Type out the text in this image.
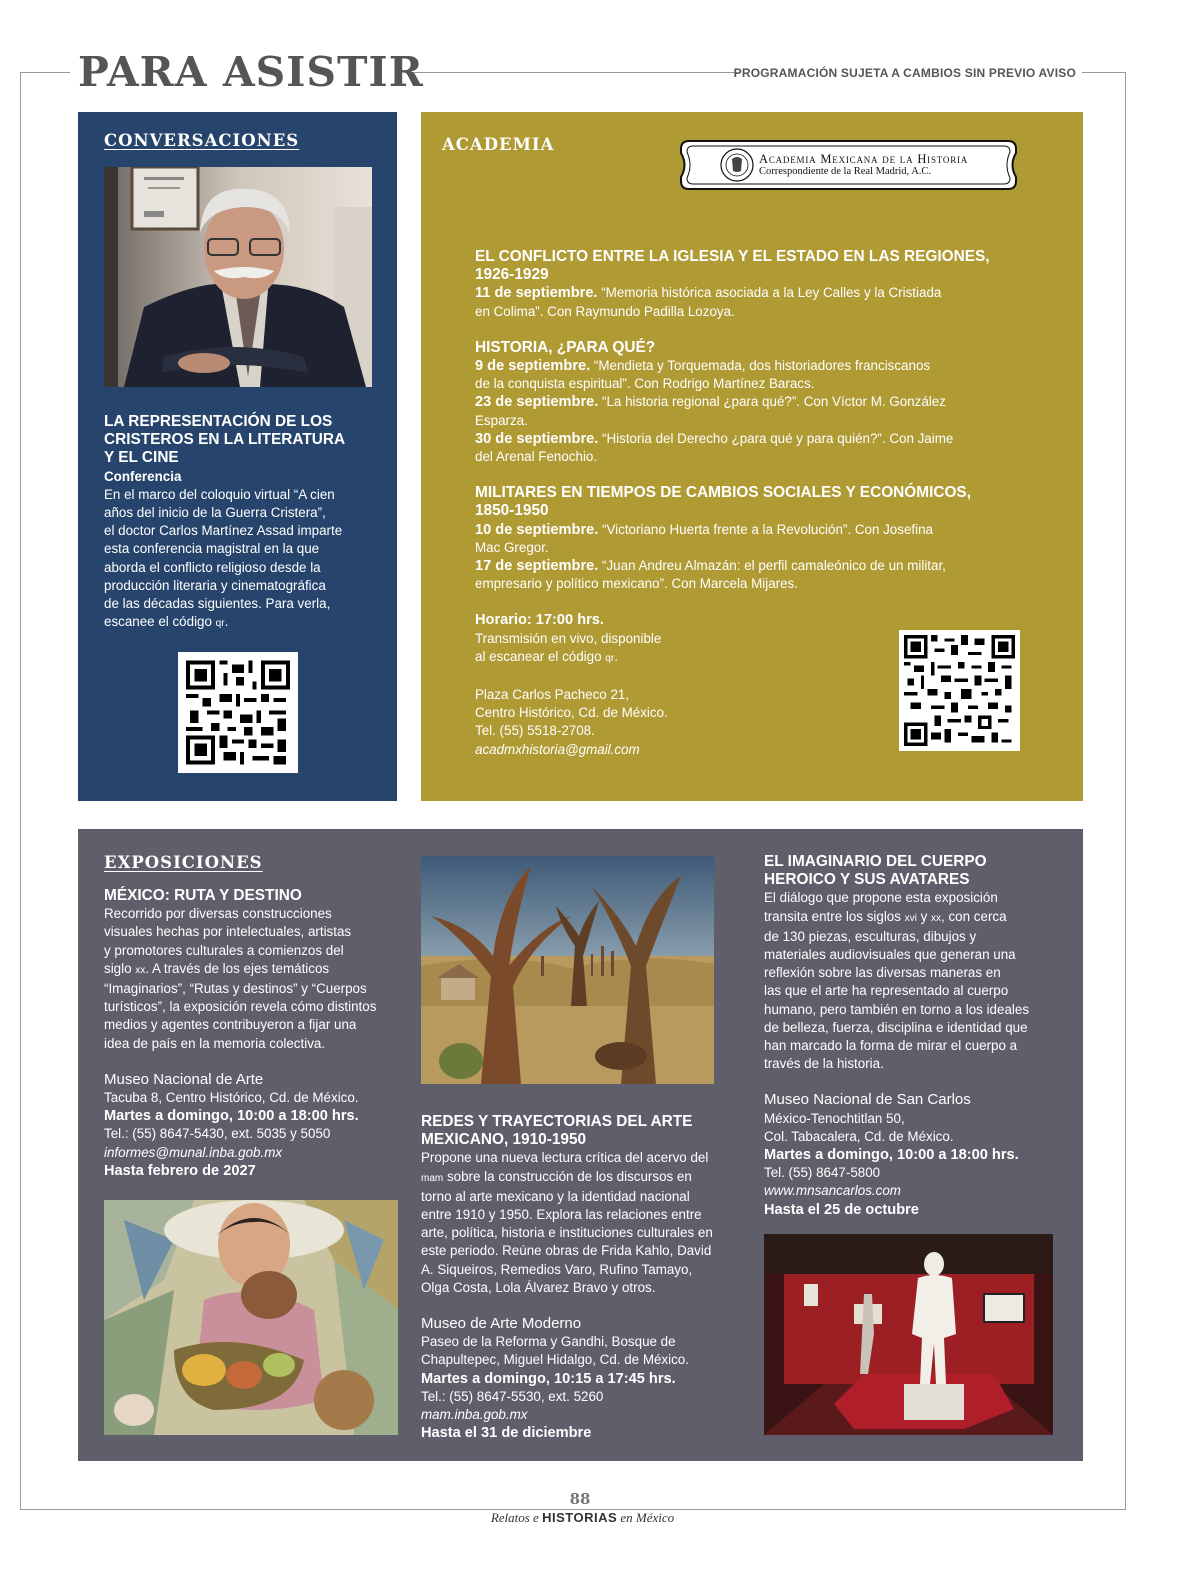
PARA ASISTIR	PROGRAMACIÓN SUJETA A CAMBIOS SIN PREVIO AVISO
CONVERSACIONES

LA REPRESENTACIÓN DE LOS

CRISTEROS EN LA LITERATURA

Y EL CINE

Conferencia

En el marco del coloquio virtual “A cien

años del inicio de la Guerra Cristera”,

el doctor Carlos Martínez Assad imparte

esta conferencia magistral en la que

aborda el conflicto religioso desde la

producción literaria y cinematográfica

de las décadas siguientes. Para verla,

escanee el código qr.

ACADEMIA
Academia Mexicana de la Historia
Correspondiente de la Real Madrid, A.C.

EL CONFLICTO ENTRE LA IGLESIA Y EL ESTADO EN LAS REGIONES,

1926-1929

11 de septiembre. “Memoria histórica asociada a la Ley Calles y la Cristiada

en Colima”. Con Raymundo Padilla Lozoya.

HISTORIA, ¿PARA QUÉ?

9 de septiembre. “Mendieta y Torquemada, dos historiadores franciscanos

de la conquista espiritual”. Con Rodrigo Martínez Baracs.

23 de septiembre. “La historia regional ¿para qué?”. Con Víctor M. González

Esparza.

30 de septiembre. “Historia del Derecho ¿para qué y para quién?”. Con Jaime

del Arenal Fenochio.

MILITARES EN TIEMPOS DE CAMBIOS SOCIALES Y ECONÓMICOS,

1850-1950

10 de septiembre. “Victoriano Huerta frente a la Revolución”. Con Josefina

Mac Gregor.

17 de septiembre. “Juan Andreu Almazán: el perfil camaleónico de un militar,

empresario y político mexicano”. Con Marcela Mijares.

Horario: 17:00 hrs.

Transmisión en vivo, disponible

al escanear el código qr.

Plaza Carlos Pacheco 21,

Centro Histórico, Cd. de México.

Tel. (55) 5518-2708.

acadmxhistoria@gmail.com

EXPOSICIONES

MÉXICO: RUTA Y DESTINO

Recorrido por diversas construcciones

visuales hechas por intelectuales, artistas

y promotores culturales a comienzos del

siglo xx. A través de los ejes temáticos

“Imaginarios”, “Rutas y destinos” y “Cuerpos

turísticos”, la exposición revela cómo distintos

medios y agentes contribuyeron a fijar una

idea de país en la memoria colectiva.

Museo Nacional de Arte

Tacuba 8, Centro Histórico, Cd. de México.

Martes a domingo, 10:00 a 18:00 hrs.

Tel.: (55) 8647-5430, ext. 5035 y 5050

informes@munal.inba.gob.mx

Hasta febrero de 2027

REDES Y TRAYECTORIAS DEL ARTE

MEXICANO, 1910-1950

Propone una nueva lectura crítica del acervo del

mam sobre la construcción de los discursos en

torno al arte mexicano y la identidad nacional

entre 1910 y 1950. Explora las relaciones entre

arte, política, historia e instituciones culturales en

este periodo. Reúne obras de Frida Kahlo, David

A. Siqueiros, Remedios Varo, Rufino Tamayo,

Olga Costa, Lola Álvarez Bravo y otros.

Museo de Arte Moderno

Paseo de la Reforma y Gandhi, Bosque de

Chapultepec, Miguel Hidalgo, Cd. de México.

Martes a domingo, 10:15 a 17:45 hrs.

Tel.: (55) 8647-5530, ext. 5260

mam.inba.gob.mx

Hasta el 31 de diciembre

EL IMAGINARIO DEL CUERPO

HEROICO Y SUS AVATARES

El diálogo que propone esta exposición

transita entre los siglos xvi y xx, con cerca

de 130 piezas, esculturas, dibujos y

materiales audiovisuales que generan una

reflexión sobre las diversas maneras en

las que el arte ha representado al cuerpo

humano, pero también en torno a los ideales

de belleza, fuerza, disciplina e identidad que

han marcado la forma de mirar el cuerpo a

través de la historia.

Museo Nacional de San Carlos

México-Tenochtitlan 50,

Col. Tabacalera, Cd. de México.

Martes a domingo, 10:00 a 18:00 hrs.

Tel. (55) 8647-5800

www.mnsancarlos.com

Hasta el 25 de octubre

88
Relatos e HISTORIAS en México
